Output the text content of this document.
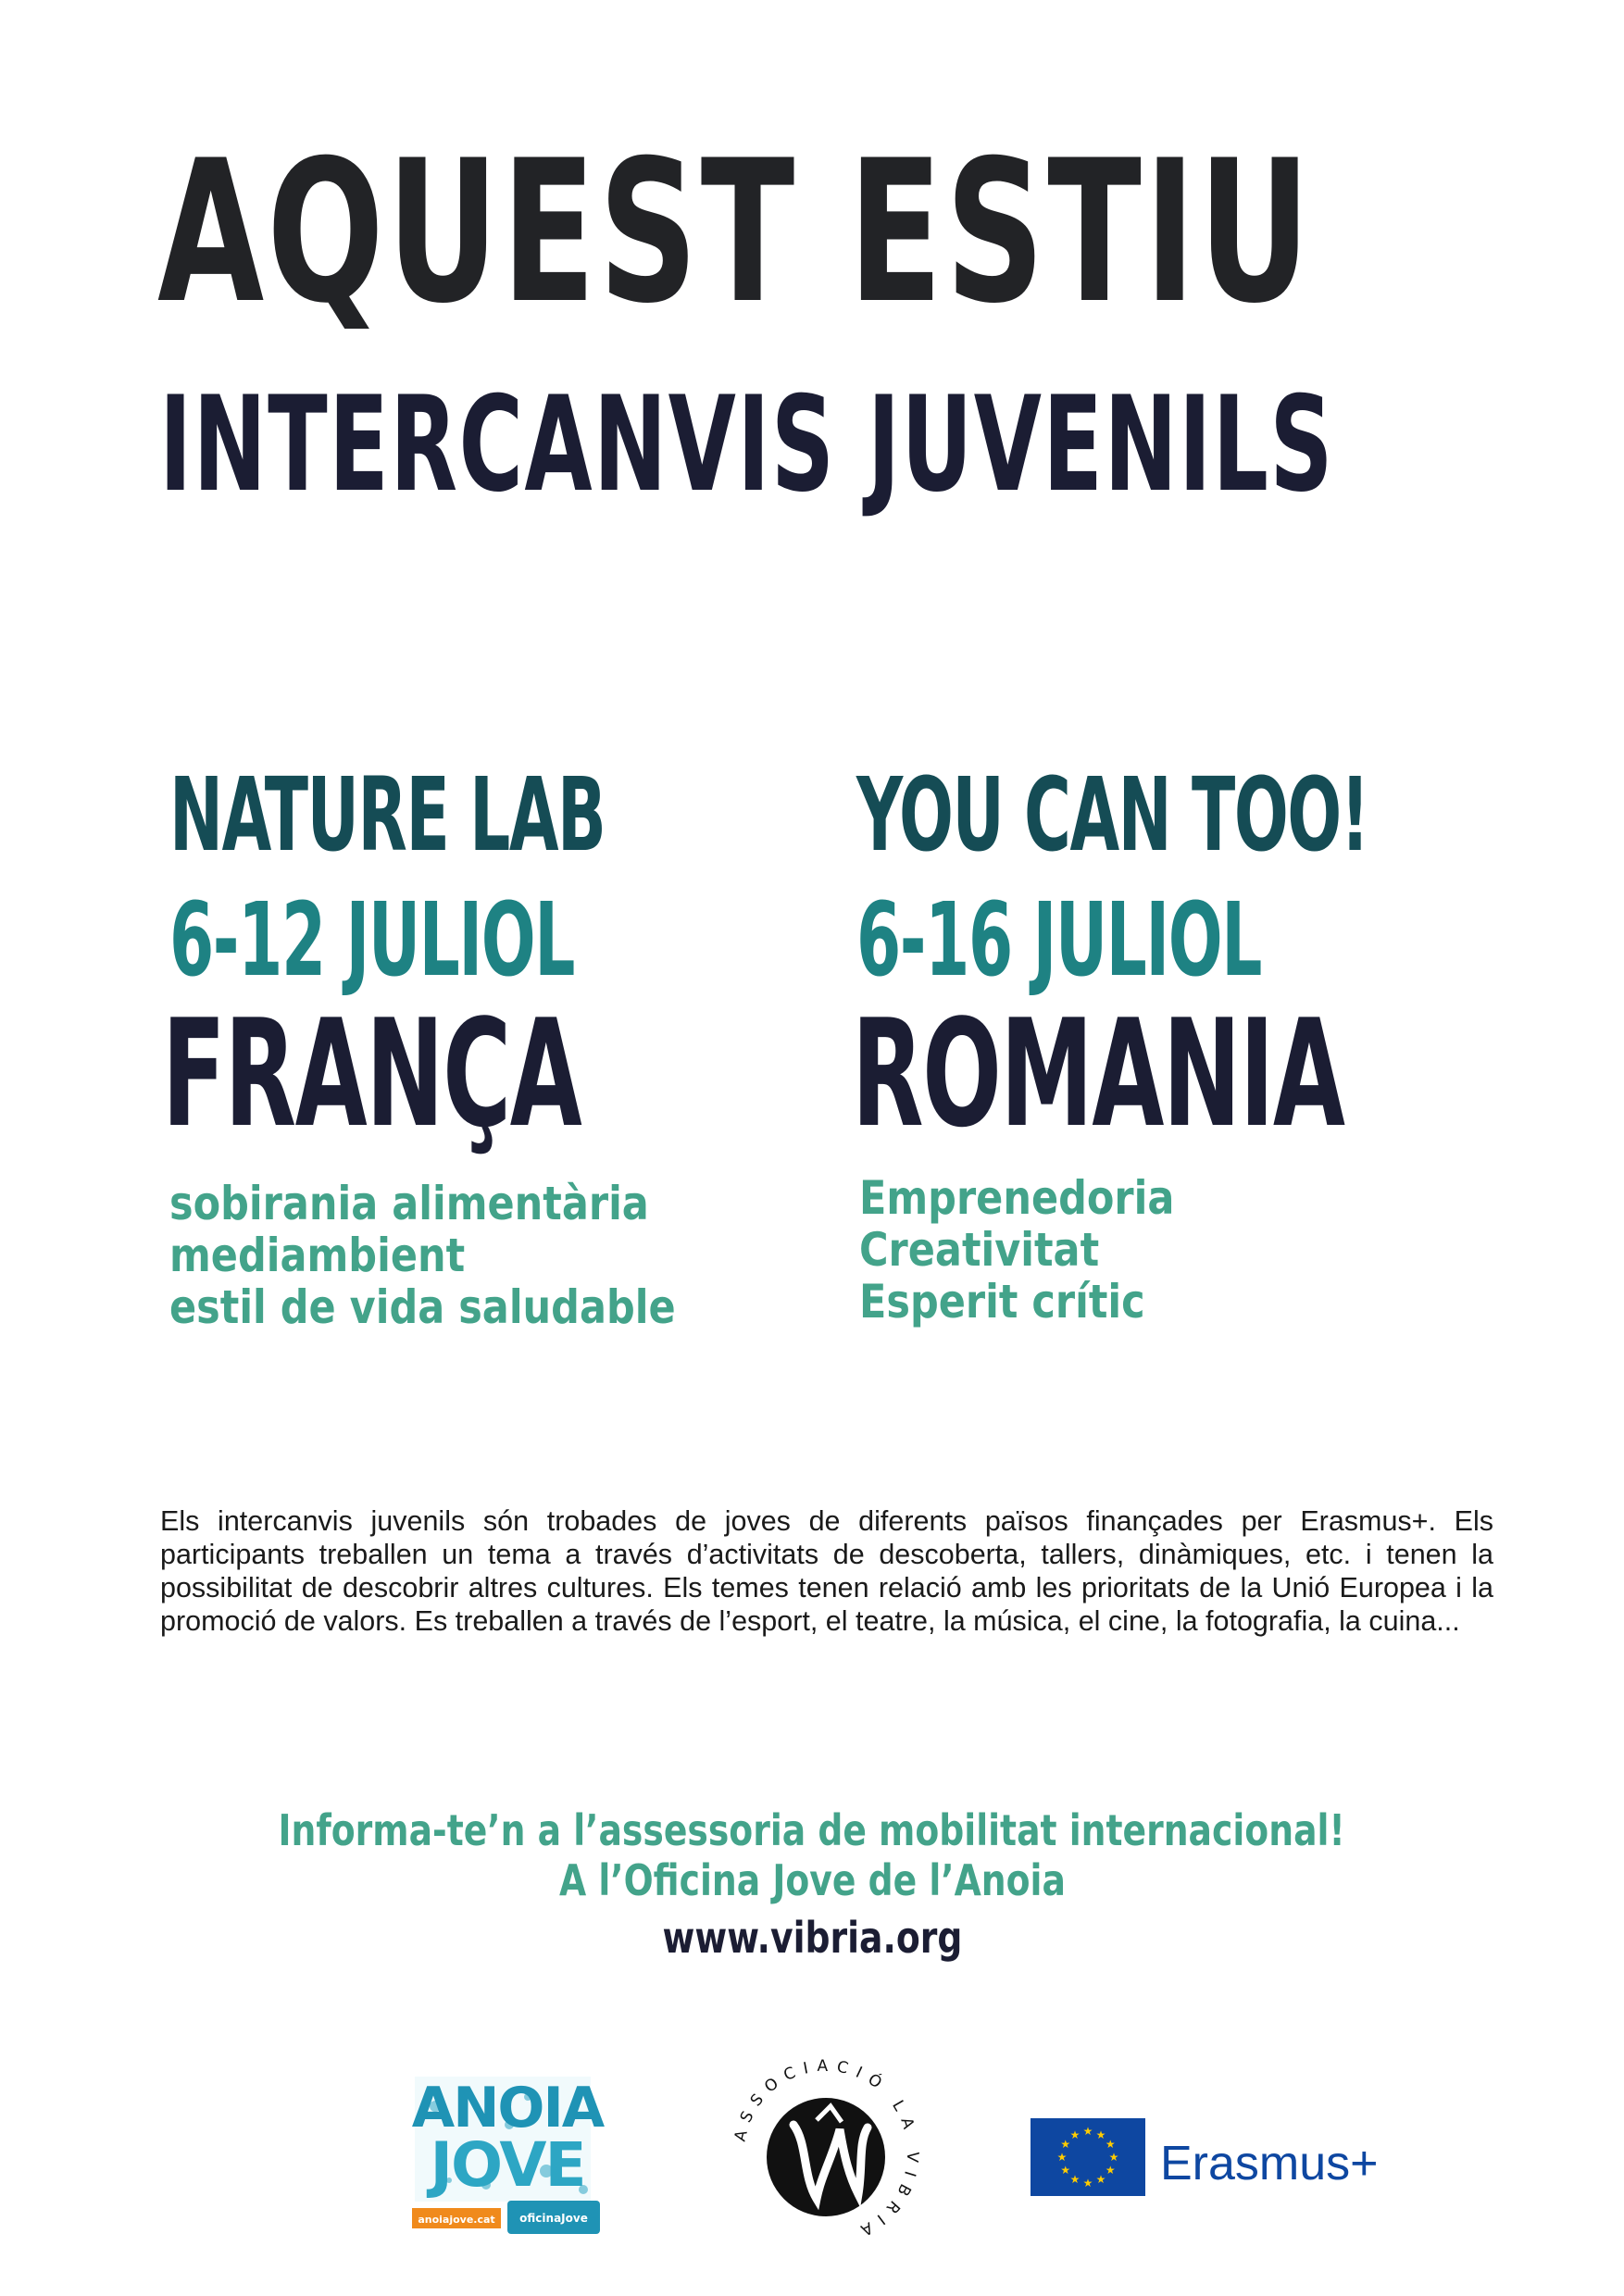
AQUEST ESTIU
INTERCANVIS JUVENILS
NATURE LAB
6-12 JULIOL
FRANÇA
sobirania alimentària
mediambient
estil de vida saludable
YOU CAN TOO!
6-16 JULIOL
ROMANIA
Emprenedoria
Creativitat
Esperit crític

Els intercanvis juvenils són trobades de joves de diferents països finançades per Erasmus+. Els participants treballen un tema a través d’activitats de descoberta, tallers, dinàmiques, etc. i tenen la possibilitat de descobrir altres cultures. Els temes tenen relació amb les prioritats de la Unió Europea i la promoció de valors. Es treballen a través de l’esport, el teatre, la música, el cine, la fotografia, la cuina...

Informa-te’n a l’assessoria de mobilitat internacional!

A l’Oficina Jove de l’Anoia

www.vibria.org

ANOIA
JOVE
anoiajove.cat oficinaJove
ASSOCIACIÓ LA VIBRIA
★ ★
★
★
★
★
★
★
★
★
★
★
Erasmus+
